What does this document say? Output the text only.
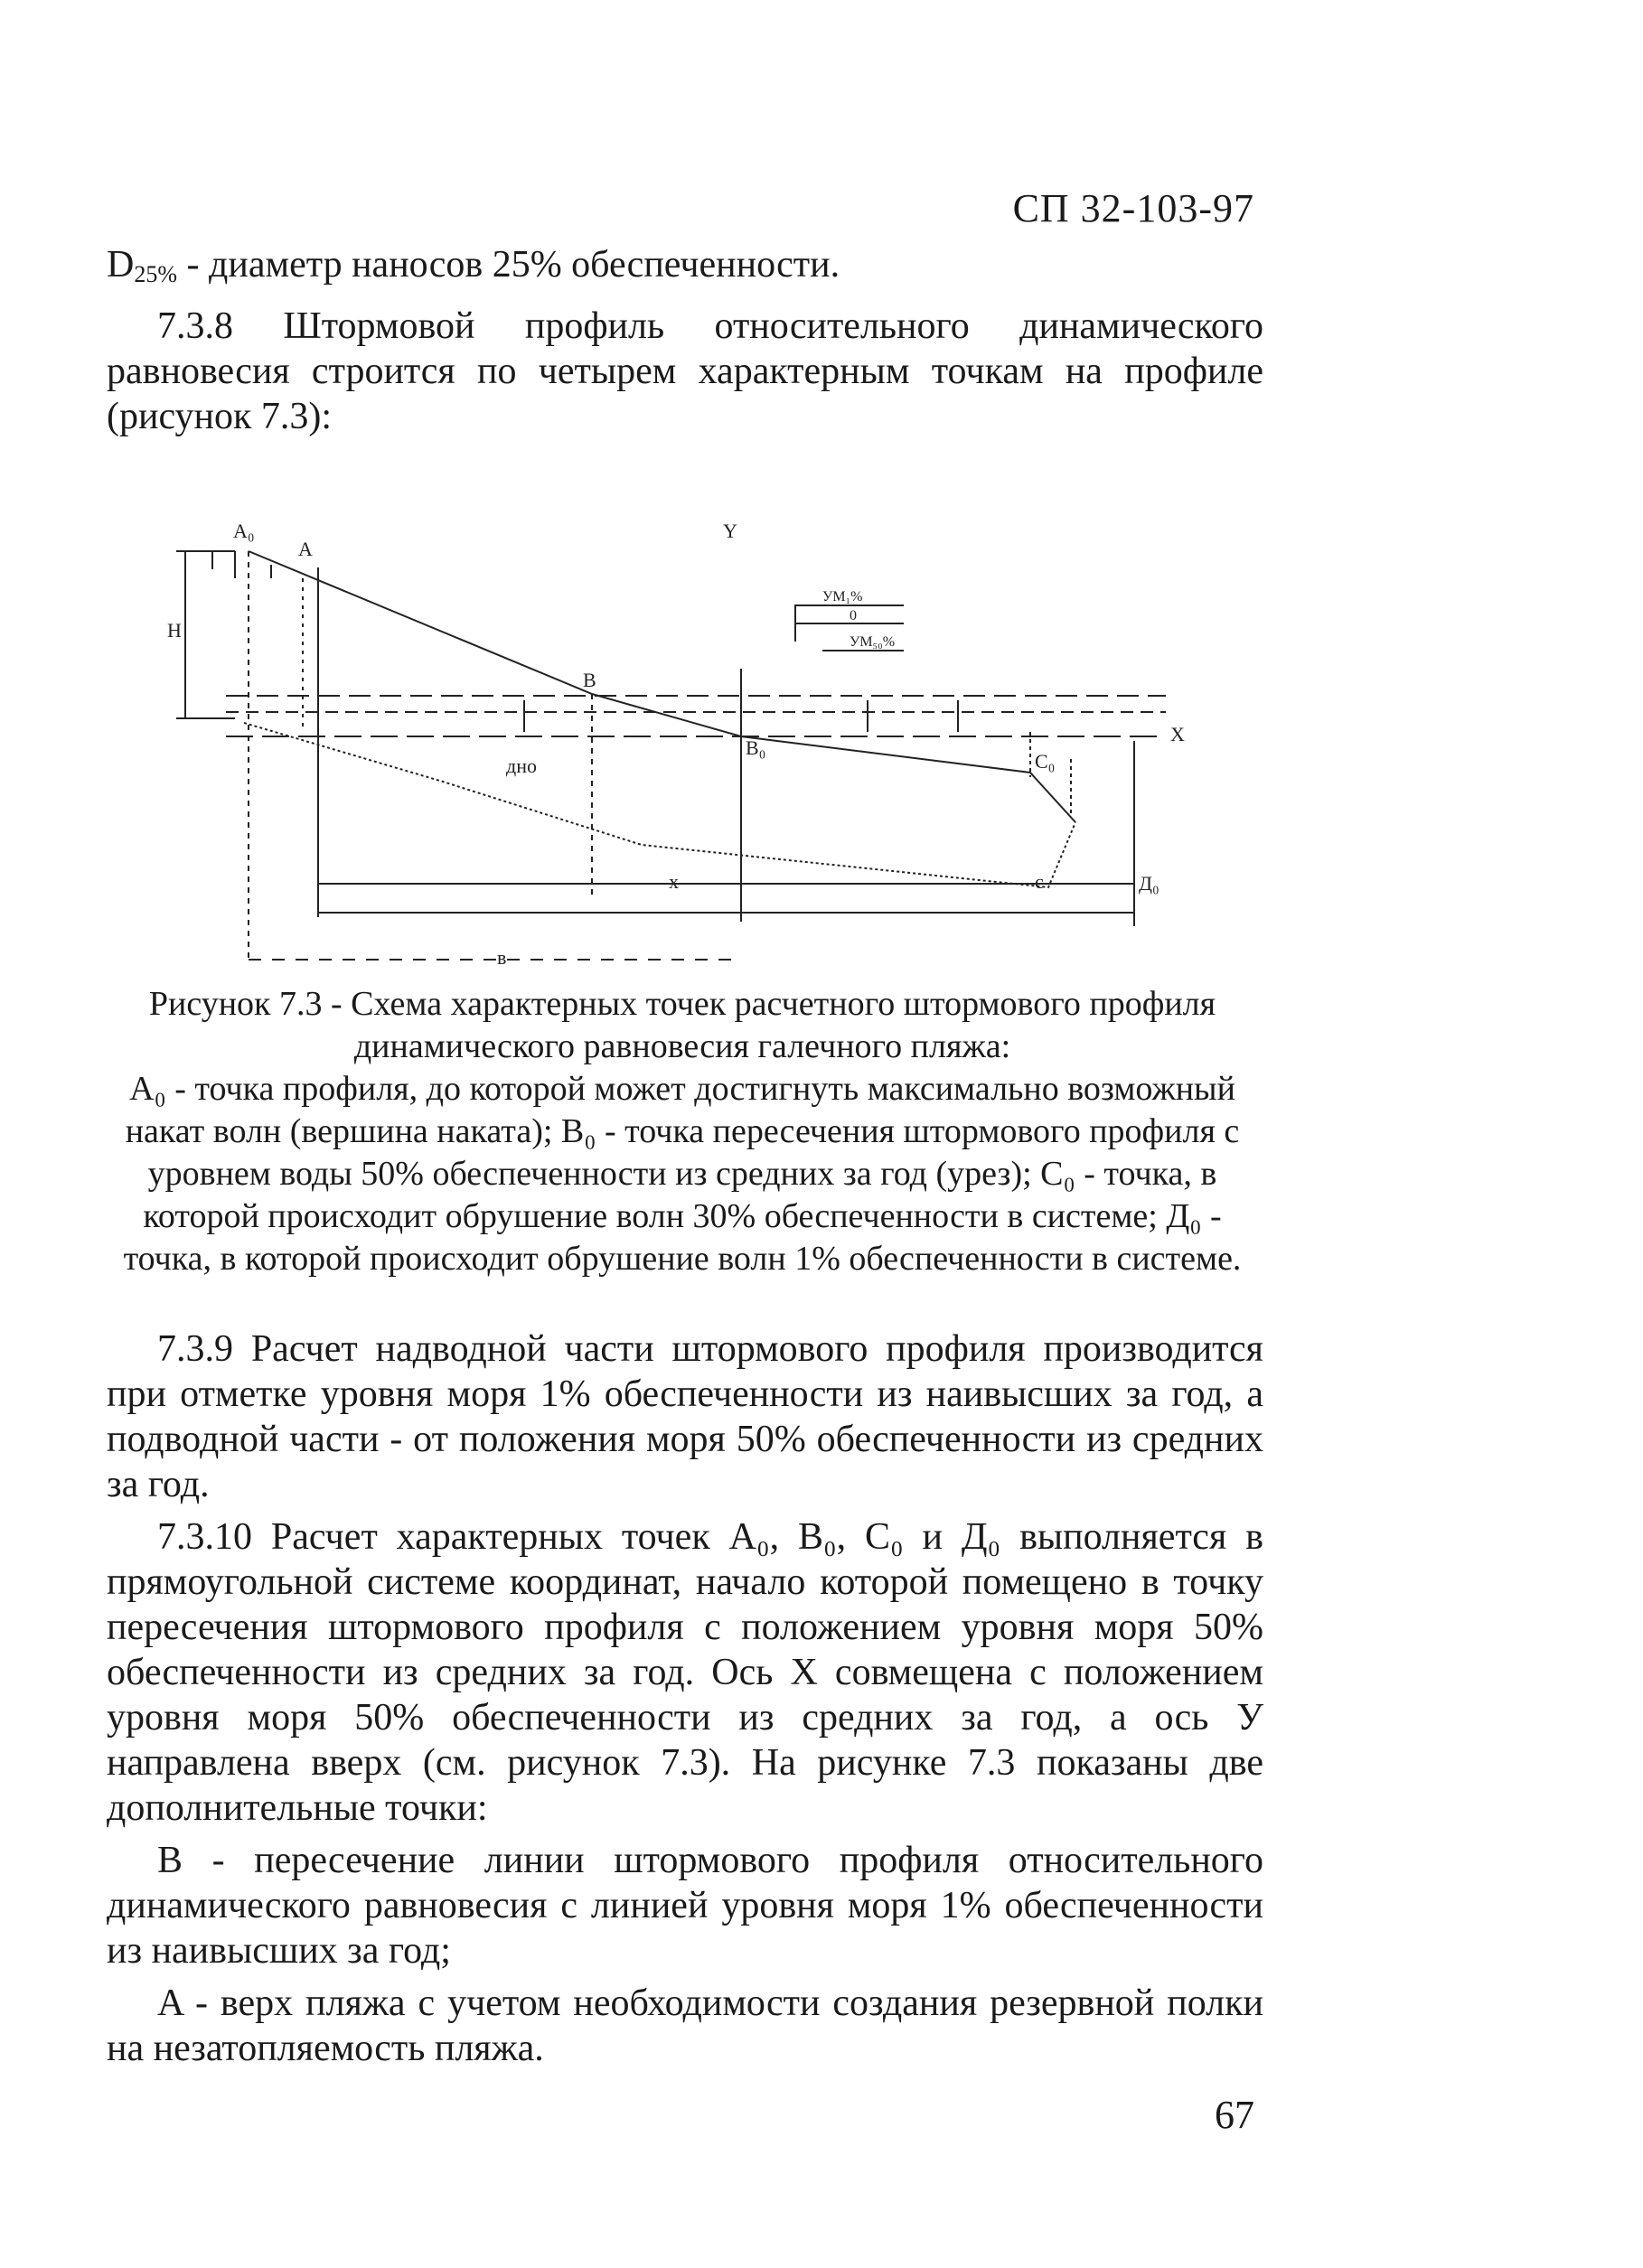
СП 32-103-97

$D_{25\%}$ - диаметр наносов 25% обеспеченности.

7.3.8 Штормовой профиль относительного динамического равновесия строится по четырем характерным точкам на профиле (рисунок 7.3):

A₀
A
Y
H
B
B₀
C₀
Д₀
X
дно
x	c
в
УМ₁%
0
УМ₅₀%

Рисунок 7.3 - Схема характерных точек расчетного штормового профиля динамического равновесия галечного пляжа:

A₀ - точка профиля, до которой может достигнуть максимально возможный накат волн (вершина наката); B₀ - точка пересечения штормового профиля с уровнем воды 50% обеспеченности из средних за год (урез); C₀ - точка, в которой происходит обрушение волн 30% обеспеченности в системе; Д₀ - точка, в которой происходит обрушение волн 1% обеспеченности в системе.

7.3.9 Расчет надводной части штормового профиля производится при отметке уровня моря 1% обеспеченности из наивысших за год, а подводной части - от положения моря 50% обеспеченности из средних за год.

7.3.10 Расчет характерных точек A₀, B₀, C₀ и Д₀ выполняется в прямоугольной системе координат, начало которой помещено в точку пересечения штормового профиля с положением уровня моря 50% обеспеченности из средних за год. Ось X совмещена с положением уровня моря 50% обеспеченности из средних за год, а ось У направлена вверх (см. рисунок 7.3). На рисунке 7.3 показаны две дополнительные точки:

B - пересечение линии штормового профиля относительного динамического равновесия с линией уровня моря 1% обеспеченности из наивысших за год;

A - верх пляжа с учетом необходимости создания резервной полки на незатопляемость пляжа.

67
